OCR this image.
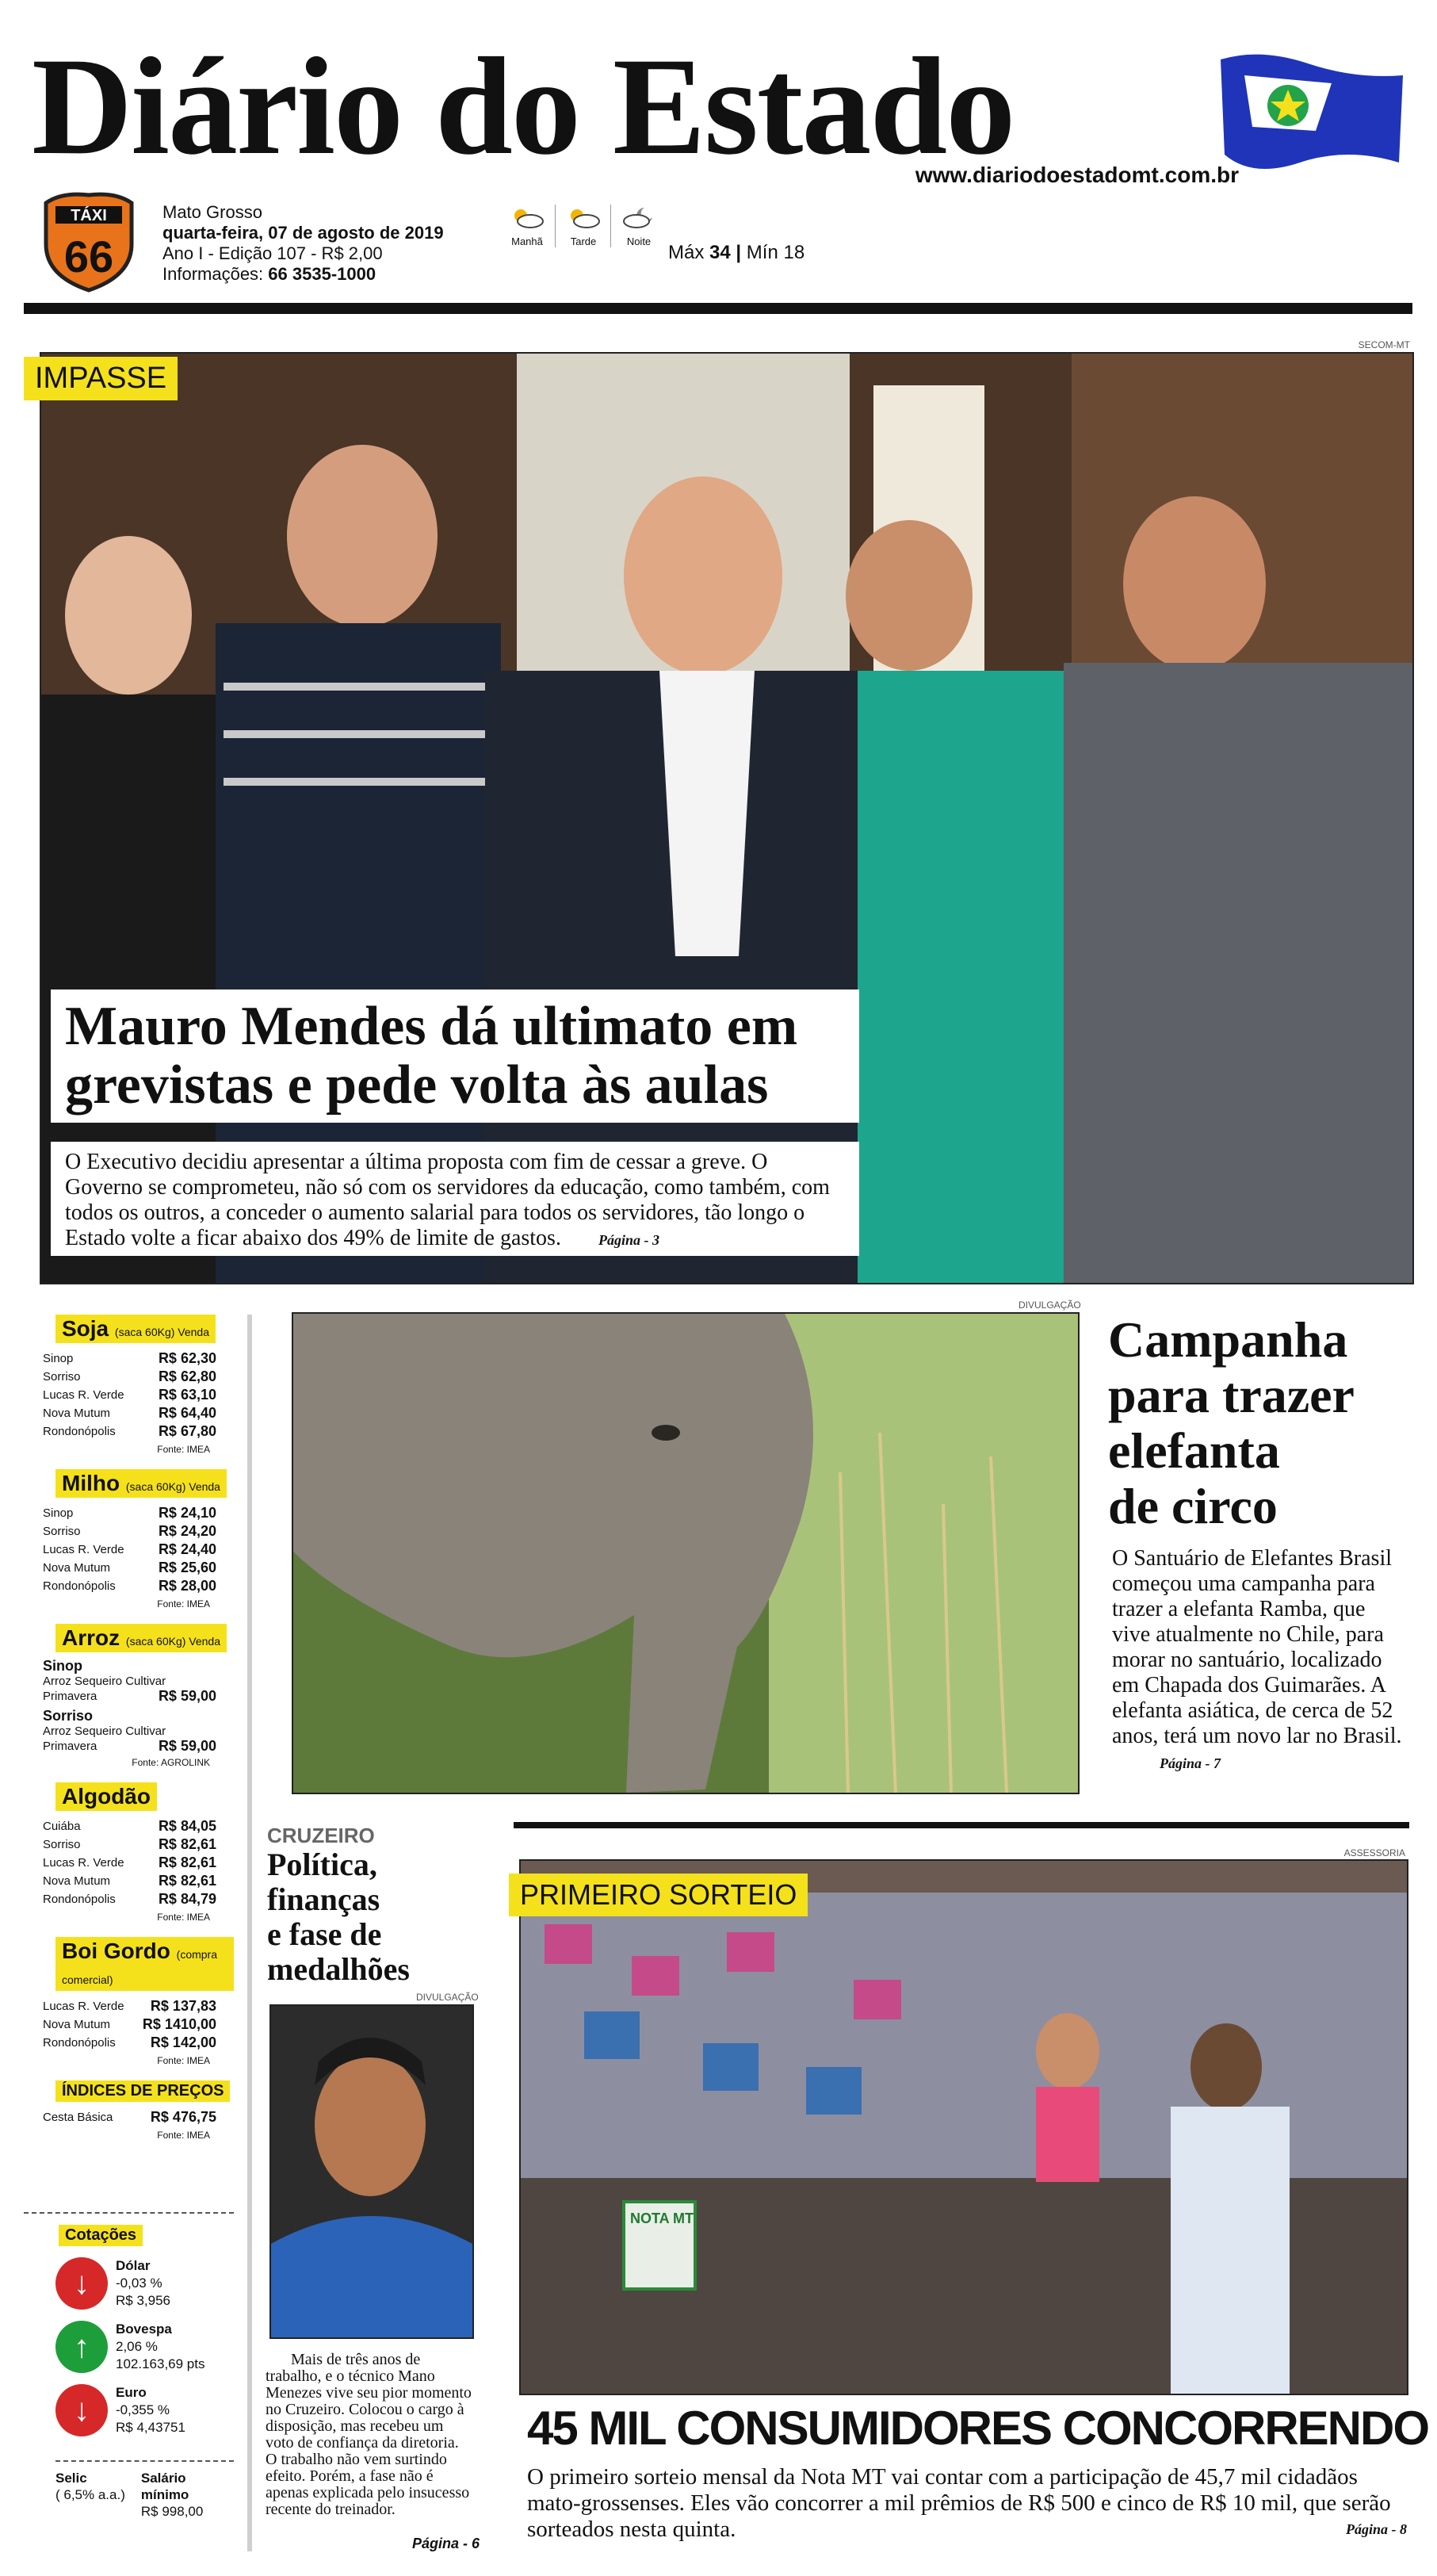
Diário do Estado
www.diariodoestadomt.com.br
TÁXI
66
Mato Grosso
quarta-feira, 07 de agosto de 2019
Ano I - Edição 107 - R$ 2,00
Informações: 66 3535-1000
Manhã	Tarde	Noite
Máx 34 | Mín 18
SECOM-MT
IMPASSE
Mauro Mendes dá ultimato em
grevistas e pede volta às aulas
O Executivo decidiu apresentar a última proposta com fim de cessar a greve. O Governo se comprometeu, não só com os servidores da educação, como também, com todos os outros, a conceder o aumento salarial para todos os servidores, tão longo o Estado volte a ficar abaixo dos 49% de limite de gastos.	Página - 3
Soja (saca 60Kg) Venda
Sinop	R$ 62,30
Sorriso	R$ 62,80
Lucas R. Verde R$ 63,10
Nova Mutum	R$ 64,40
Rondonópolis	R$ 67,80
Fonte: IMEA
Milho (saca 60Kg) Venda
Sinop	R$ 24,10
Sorriso	R$ 24,20
Lucas R. Verde R$ 24,40
Nova Mutum	R$ 25,60
Rondonópolis	R$ 28,00
Fonte: IMEA
Arroz (saca 60Kg) Venda
Sinop
Arroz Sequeiro Cultivar
Primavera	R$ 59,00
Sorriso
Arroz Sequeiro Cultivar
Primavera	R$ 59,00
Fonte: AGROLINK
Algodão
Cuiába	R$ 84,05
Sorriso	R$ 82,61
Lucas R. Verde R$ 82,61
Nova Mutum	R$ 82,61
Rondonópolis	R$ 84,79
Fonte: IMEA
Boi Gordo (compra comercial)
Lucas R. Verde R$ 137,83
Nova Mutum R$ 1410,00
Rondonópolis R$ 142,00
Fonte: IMEA
ÍNDICES DE PREÇOS
Cesta Básica	R$ 476,75
Fonte: IMEA
Cotações
↓	Dólar
-0,03 %
R$ 3,956
↑	Bovespa
2,06 %
102.163,69 pts
↓	Euro
-0,355 %
R$ 4,43751
Selic
( 6,5% a.a.)
Salário mínimo
R$ 998,00
DIVULGAÇÃO
Campanha
para trazer
elefanta
de circo
O Santuário de Elefantes Brasil começou uma campanha para trazer a elefanta Ramba, que vive atualmente no Chile, para morar no santuário, localizado em Chapada dos Guimarães. A elefanta asiática, de cerca de 52 anos, terá um novo lar no Brasil. Página - 7
CRUZEIRO
Política,
finanças
e fase de
medalhões
DIVULGAÇÃO
Mais de três anos de trabalho, e o técnico Mano Menezes vive seu pior momento no Cruzeiro. Colocou o cargo à disposição, mas recebeu um voto de confiança da diretoria. O trabalho não vem surtindo efeito. Porém, a fase não é apenas explicada pelo insucesso recente do treinador.
Página - 6
ASSESSORIA
PRIMEIRO SORTEIO
NOTA MT
45 MIL CONSUMIDORES CONCORRENDO
O primeiro sorteio mensal da Nota MT vai contar com a participação de 45,7 mil cidadãos mato-grossenses. Eles vão concorrer a mil prêmios de R$ 500 e cinco de R$ 10 mil, que serão sorteados nesta quinta.	Página - 8
